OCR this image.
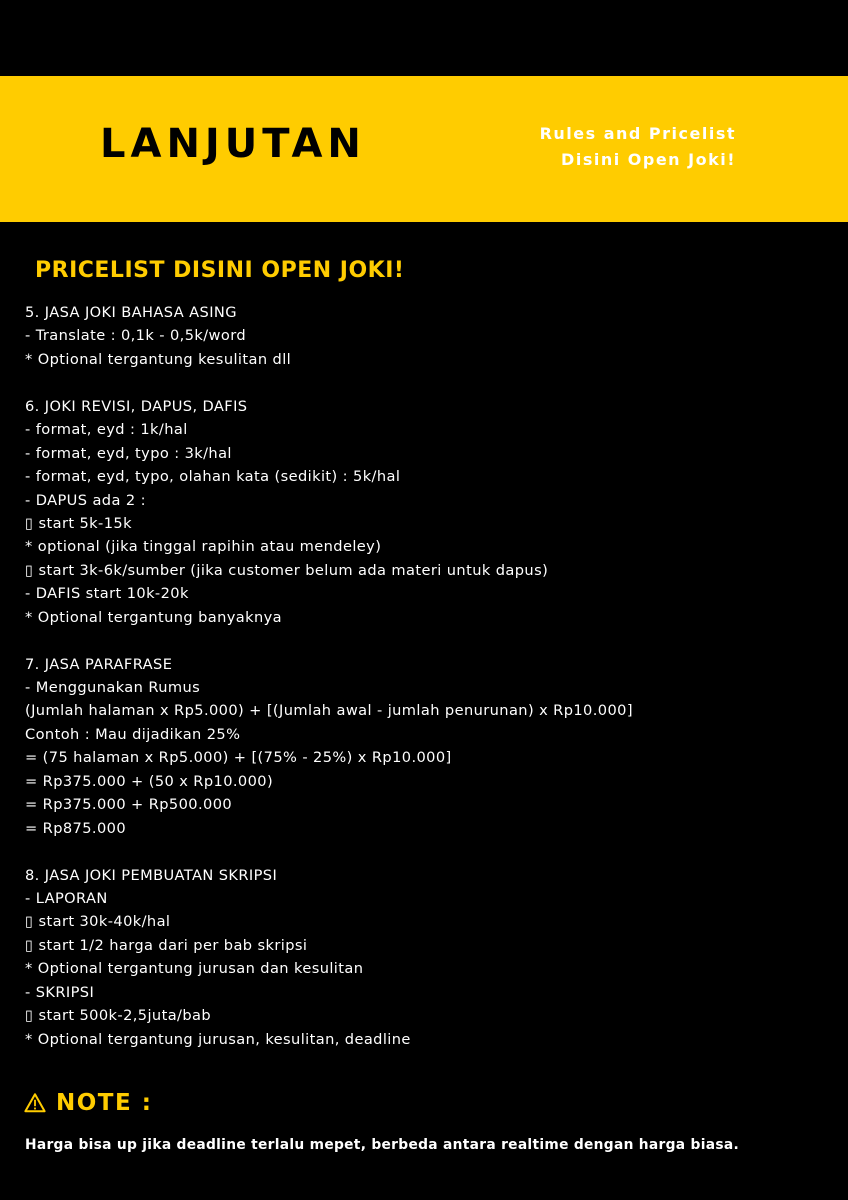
LANJUTAN	Rules and Pricelist
Disini Open Joki!
PRICELIST DISINI OPEN JOKI!
5. JASA JOKI BAHASA ASING
- Translate : 0,1k - 0,5k/word
* Optional tergantung kesulitan dll
6. JOKI REVISI, DAPUS, DAFIS
- format, eyd : 1k/hal
- format, eyd, typo : 3k/hal
- format, eyd, typo, olahan kata (sedikit) : 5k/hal
- DAPUS ada 2 :
▯ start 5k-15k
* optional (jika tinggal rapihin atau mendeley)
▯ start 3k-6k/sumber (jika customer belum ada materi untuk dapus)
- DAFIS start 10k-20k
* Optional tergantung banyaknya
7. JASA PARAFRASE
- Menggunakan Rumus
(Jumlah halaman x Rp5.000) + [(Jumlah awal - jumlah penurunan) x Rp10.000]
Contoh : Mau dijadikan 25%
= (75 halaman x Rp5.000) + [(75% - 25%) x Rp10.000]
= Rp375.000 + (50 x Rp10.000)
= Rp375.000 + Rp500.000
= Rp875.000
8. JASA JOKI PEMBUATAN SKRIPSI
- LAPORAN
▯ start 30k-40k/hal
▯ start 1/2 harga dari per bab skripsi
* Optional tergantung jurusan dan kesulitan
- SKRIPSI
▯ start 500k-2,5juta/bab
* Optional tergantung jurusan, kesulitan, deadline
NOTE :
Harga bisa up jika deadline terlalu mepet, berbeda antara realtime dengan harga biasa.
